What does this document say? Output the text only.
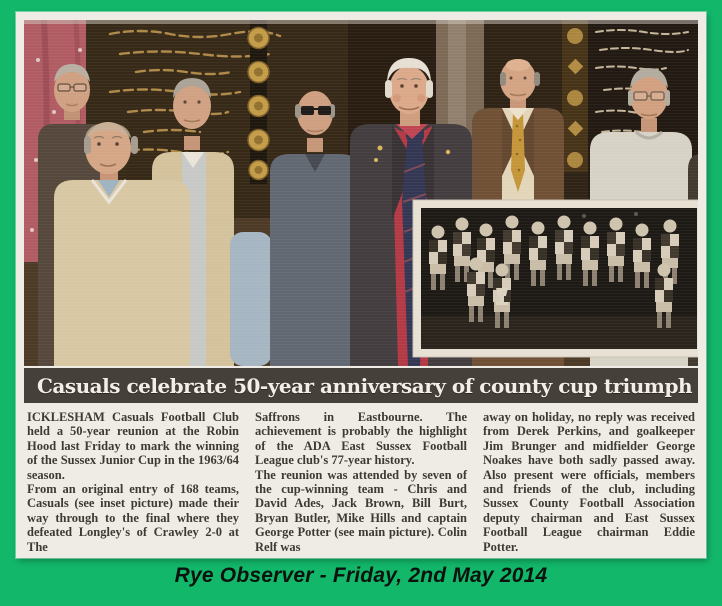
Casuals celebrate 50-year anniversary of county cup triumph

ICKLESHAM Casuals Football Club held a 50-year reunion at the Robin Hood last Friday to mark the winning of the Sussex Junior Cup in the 1963/64 season.

From an original entry of 168 teams, Casuals (see inset picture) made their way through to the final where they defeated Longley's of Crawley 2-0 at The

Saffrons in Eastbourne. The achievement is probably the highlight of the ADA East Sussex Football League club's 77-year history.

The reunion was attended by seven of the cup-winning team - Chris and David Ades, Jack Brown, Bill Burt, Bryan Butler, Mike Hills and captain George Potter (see main picture). Colin Relf was

away on holiday, no reply was received from Derek Perkins, and goalkeeper Jim Brunger and midfielder George Noakes have both sadly passed away. Also present were officials, members and friends of the club, including Sussex County Football Association deputy chairman and East Sussex Football League chairman Eddie Potter.

Rye Observer - Friday, 2nd May 2014
